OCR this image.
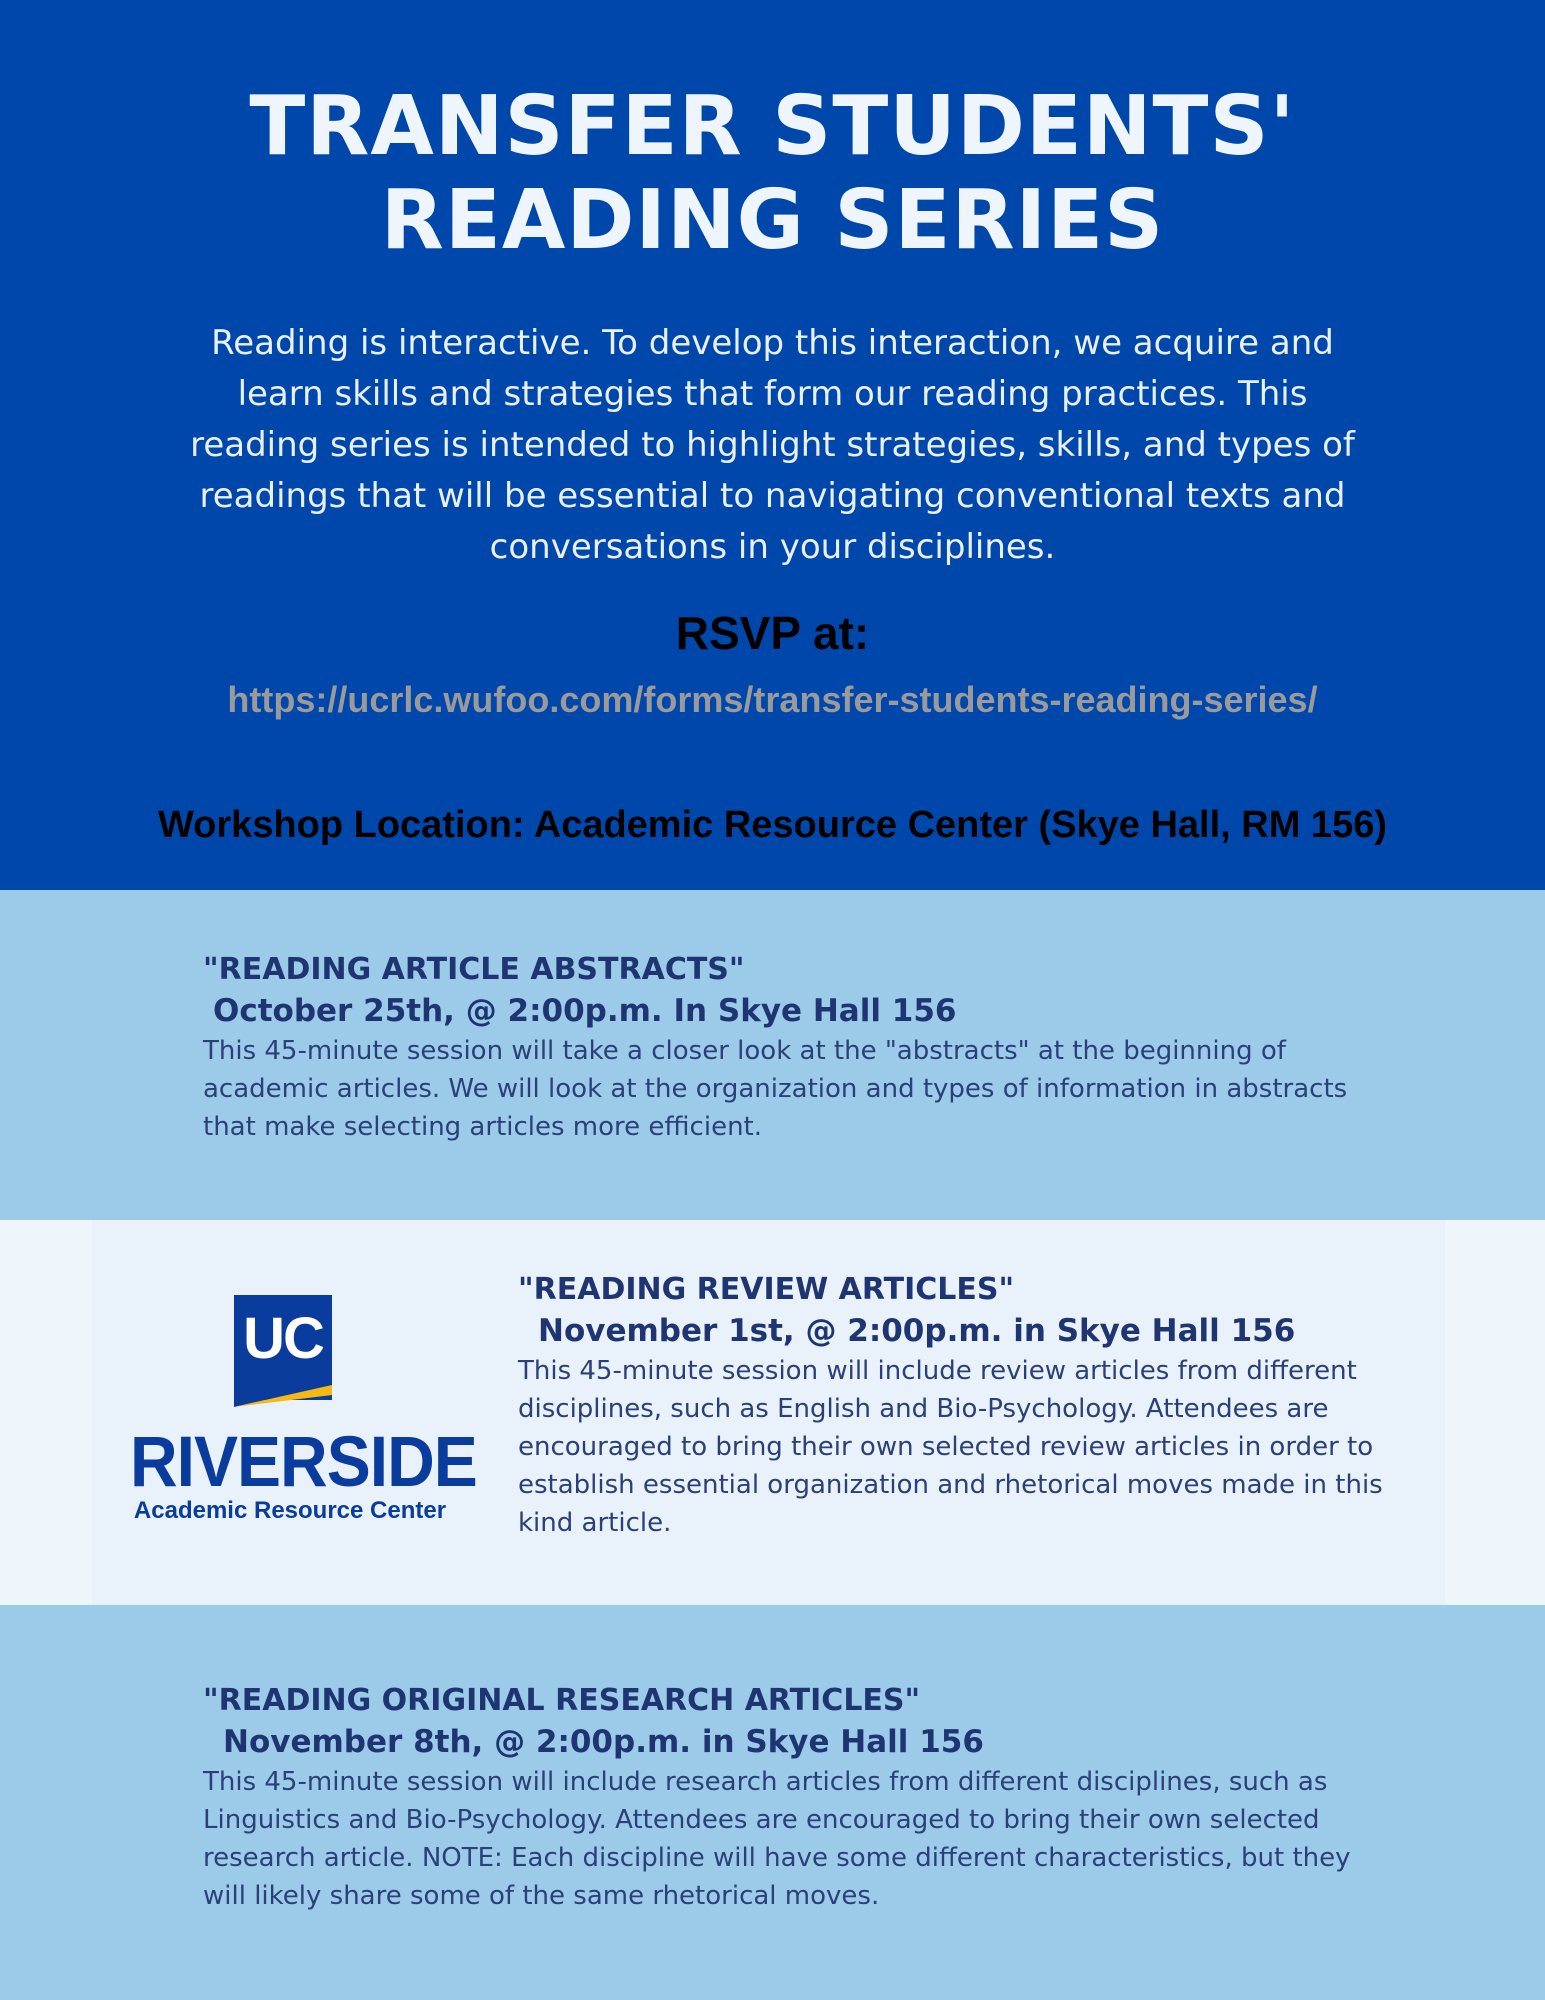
TRANSFER STUDENTS'
READING SERIES

Reading is interactive. To develop this interaction, we acquire and learn skills and strategies that form our reading practices. This reading series is intended to highlight strategies, skills, and types of readings that will be essential to navigating conventional texts and conversations in your disciplines.

RSVP at:
https://ucrlc.wufoo.com/forms/transfer-students-reading-series/
Workshop Location: Academic Resource Center (Skye Hall, RM 156)

"READING ARTICLE ABSTRACTS"

October 25th, @ 2:00p.m. In Skye Hall 156

This 45-minute session will take a closer look at the "abstracts" at the beginning of academic articles. We will look at the organization and types of information in abstracts that make selecting articles more efficient.

"READING REVIEW ARTICLES"

November 1st, @ 2:00p.m. in Skye Hall 156

This 45-minute session will include review articles from different disciplines, such as English and Bio-Psychology. Attendees are encouraged to bring their own selected review articles in order to establish essential organization and rhetorical moves made in this kind article.

UC
RIVERSIDE
Academic Resource Center

"READING ORIGINAL RESEARCH ARTICLES"

November 8th, @ 2:00p.m. in Skye Hall 156

This 45-minute session will include research articles from different disciplines, such as Linguistics and Bio-Psychology. Attendees are encouraged to bring their own selected research article. NOTE: Each discipline will have some different characteristics, but they will likely share some of the same rhetorical moves.
